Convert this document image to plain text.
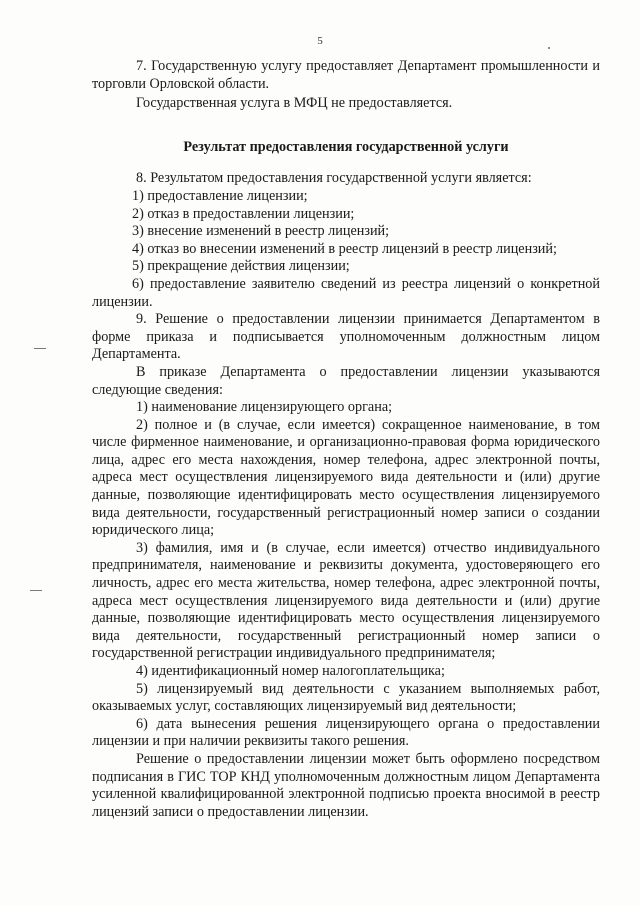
5

7. Государственную услугу предоставляет Департамент промышленности и торговли Орловской области.

Государственная услуга в МФЦ не предоставляется.

Результат предоставления государственной услуги

8. Результатом предоставления государственной услуги является:

1) предоставление лицензии;

2) отказ в предоставлении лицензии;

3) внесение изменений в реестр лицензий;

4) отказ во внесении изменений в реестр лицензий в реестр лицензий;

5) прекращение действия лицензии;

6) предоставление заявителю сведений из реестра лицензий о конкретной лицензии.

9. Решение о предоставлении лицензии принимается Департаментом в форме приказа и подписывается уполномоченным должностным лицом Департамента.

В приказе Департамента о предоставлении лицензии указываются следующие сведения:

1) наименование лицензирующего органа;

2) полное и (в случае, если имеется) сокращенное наименование, в том числе фирменное наименование, и организационно-правовая форма юридического лица, адрес его места нахождения, номер телефона, адрес электронной почты, адреса мест осуществления лицензируемого вида деятельности и (или) другие данные, позволяющие идентифицировать место осуществления лицензируемого вида деятельности, государственный регистрационный номер записи о создании юридического лица;

3) фамилия, имя и (в случае, если имеется) отчество индивидуального предпринимателя, наименование и реквизиты документа, удостоверяющего его личность, адрес его места жительства, номер телефона, адрес электронной почты, адреса мест осуществления лицензируемого вида деятельности и (или) другие данные, позволяющие идентифицировать место осуществления лицензируемого вида деятельности, государственный регистрационный номер записи о государственной регистрации индивидуального предпринимателя;

4) идентификационный номер налогоплательщика;

5) лицензируемый вид деятельности с указанием выполняемых работ, оказываемых услуг, составляющих лицензируемый вид деятельности;

6) дата вынесения решения лицензирующего органа о предоставлении лицензии и при наличии реквизиты такого решения.

Решение о предоставлении лицензии может быть оформлено посредством подписания в ГИС ТОР КНД уполномоченным должностным лицом Департамента усиленной квалифицированной электронной подписью проекта вносимой в реестр лицензий записи о предоставлении лицензии.
